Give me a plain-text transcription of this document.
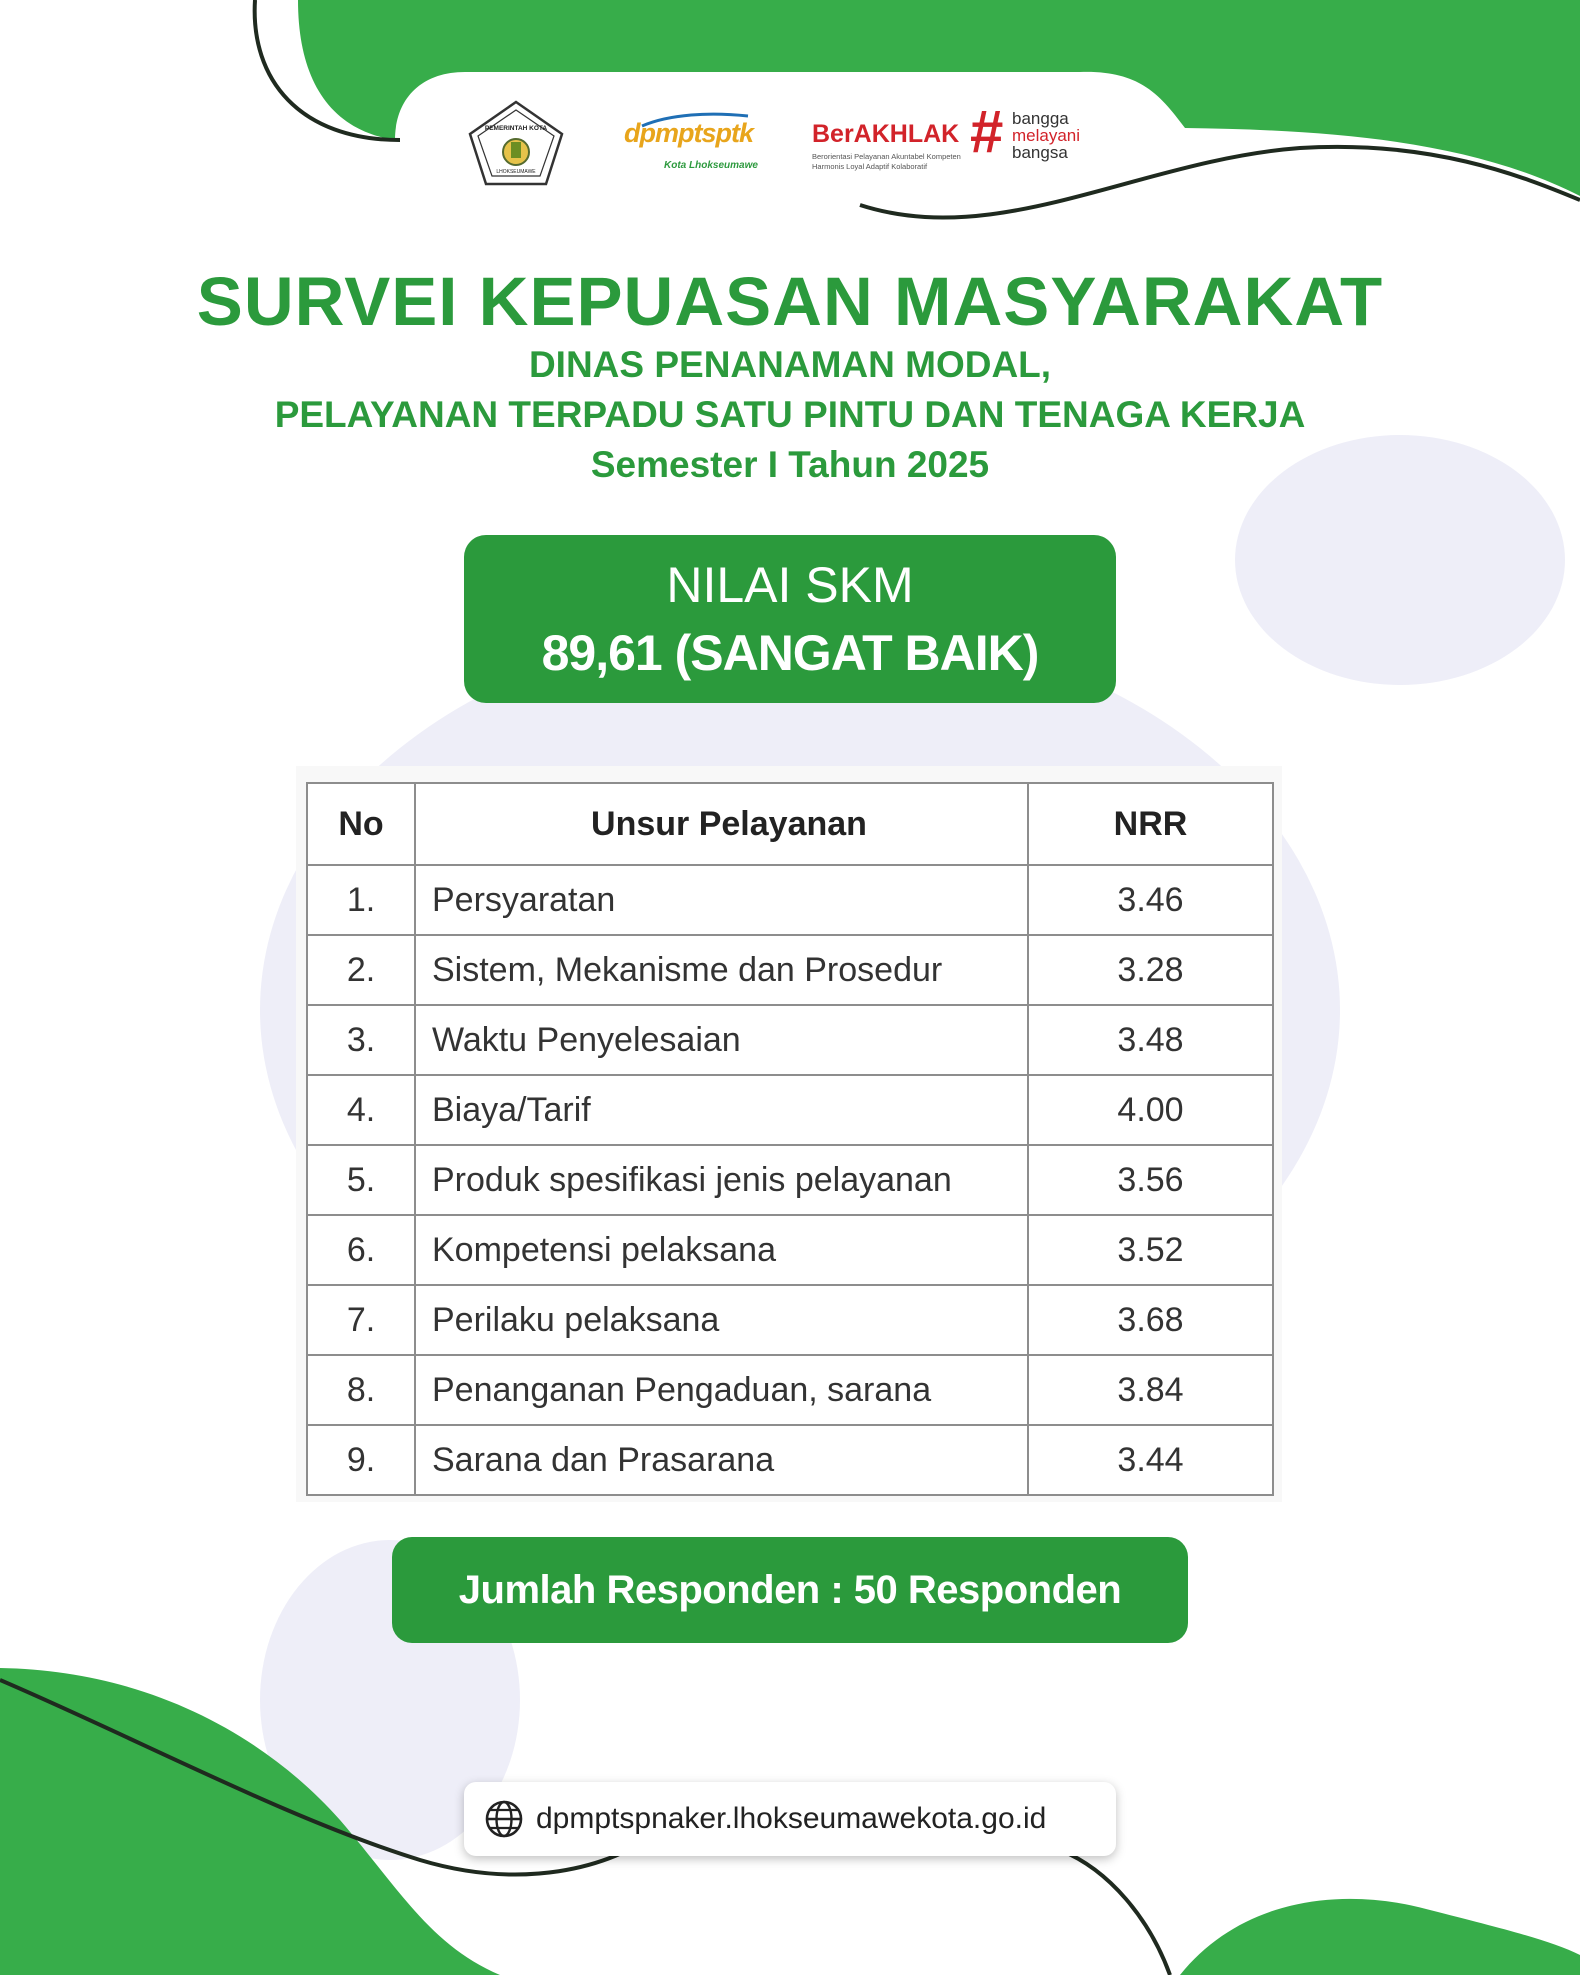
PEMERINTAH KOTA
LHOKSEUMAWE
dpmptsptk
Kota Lhokseumawe
BerAKHLAK
Berorientasi Pelayanan Akuntabel Kompeten Harmonis Loyal Adaptif Kolaboratif
# bangga
melayani
bangsa
SURVEI KEPUASAN MASYARAKAT
DINAS PENANAMAN MODAL,
PELAYANAN TERPADU SATU PINTU DAN TENAGA KERJA
Semester I Tahun 2025
NILAI SKM
89,61 (SANGAT BAIK)
No	Unsur Pelayanan	NRR
1.	Persyaratan	3.46
2.	Sistem, Mekanisme dan Prosedur	3.28
3.	Waktu Penyelesaian	3.48
4.	Biaya/Tarif	4.00
5.	Produk spesifikasi jenis pelayanan	3.56
6.	Kompetensi pelaksana	3.52
7.	Perilaku pelaksana	3.68
8.	Penanganan Pengaduan, sarana	3.84
9.	Sarana dan Prasarana	3.44
Jumlah Responden : 50 Responden
dpmptspnaker.lhokseumawekota.go.id
